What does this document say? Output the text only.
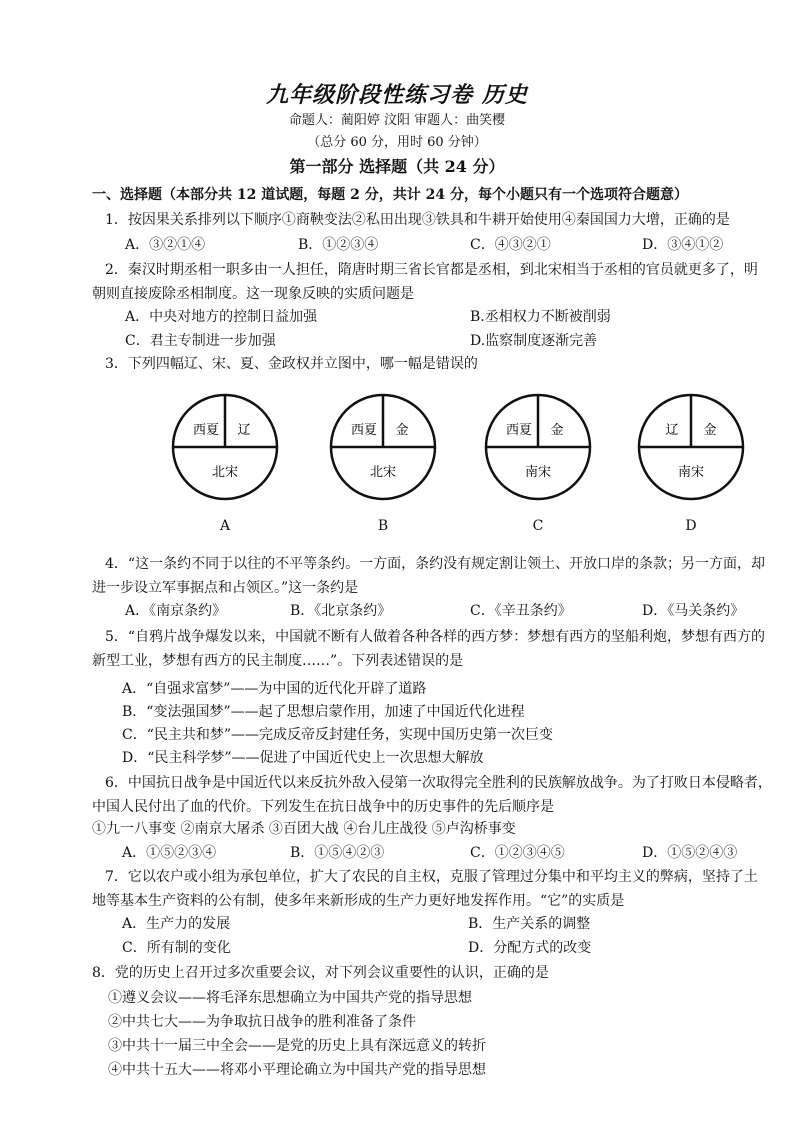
九年级阶段性练习卷 历史
命题人：蔺阳婷 汶阳 审题人：曲笑樱
（总分 60 分，用时 60 分钟）
第一部分 选择题（共 24 分）
一、选择题（本部分共 12 道试题，每题 2 分，共计 24 分，每个小题只有一个选项符合题意）
1．按因果关系排列以下顺序①商鞅变法②私田出现③铁具和牛耕开始使用④秦国国力大增，正确的是
A．③②①④	B．①②③④	C．④③②①	D．③④①②
2．秦汉时期丞相一职多由一人担任，隋唐时期三省长官都是丞相，到北宋相当于丞相的官员就更多了，明
朝则直接废除丞相制度。这一现象反映的实质问题是
A．中央对地方的控制日益加强	B.丞相权力不断被削弱
C．君主专制进一步加强	D.监察制度逐渐完善
3．下列四幅辽、宋、夏、金政权并立图中，哪一幅是错误的
西夏 辽
北宋
西夏 金
北宋
西夏 金
南宋
辽 金
南宋
A	B	C	D
4．“这一条约不同于以往的不平等条约。一方面，条约没有规定割让领土、开放口岸的条款；另一方面，却
进一步设立军事据点和占领区。”这一条约是
A．《南京条约》	B．《北京条约》	C．《辛丑条约》	D．《马关条约》
5．“自鸦片战争爆发以来，中国就不断有人做着各种各样的西方梦：梦想有西方的坚船利炮，梦想有西方的
新型工业，梦想有西方的民主制度……”。下列表述错误的是
A．“自强求富梦”——为中国的近代化开辟了道路
B．“变法强国梦”——起了思想启蒙作用，加速了中国近代化进程
C．“民主共和梦”——完成反帝反封建任务，实现中国历史第一次巨变
D．“民主科学梦”——促进了中国近代史上一次思想大解放
6．中国抗日战争是中国近代以来反抗外敌入侵第一次取得完全胜利的民族解放战争。为了打败日本侵略者，
中国人民付出了血的代价。下列发生在抗日战争中的历史事件的先后顺序是
①九一八事变 ②南京大屠杀 ③百团大战 ④台儿庄战役 ⑤卢沟桥事变
A．①⑤②③④	B．①⑤④②③	C．①②③④⑤	D．①⑤②④③
7．它以农户或小组为承包单位，扩大了农民的自主权，克服了管理过分集中和平均主义的弊病，坚持了土
地等基本生产资料的公有制，使多年来新形成的生产力更好地发挥作用。“它”的实质是
A．生产力的发展	B．生产关系的调整
C．所有制的变化	D．分配方式的改变
8．党的历史上召开过多次重要会议，对下列会议重要性的认识，正确的是
①遵义会议——将毛泽东思想确立为中国共产党的指导思想
②中共七大——为争取抗日战争的胜利准备了条件
③中共十一届三中全会——是党的历史上具有深远意义的转折
④中共十五大——将邓小平理论确立为中国共产党的指导思想
